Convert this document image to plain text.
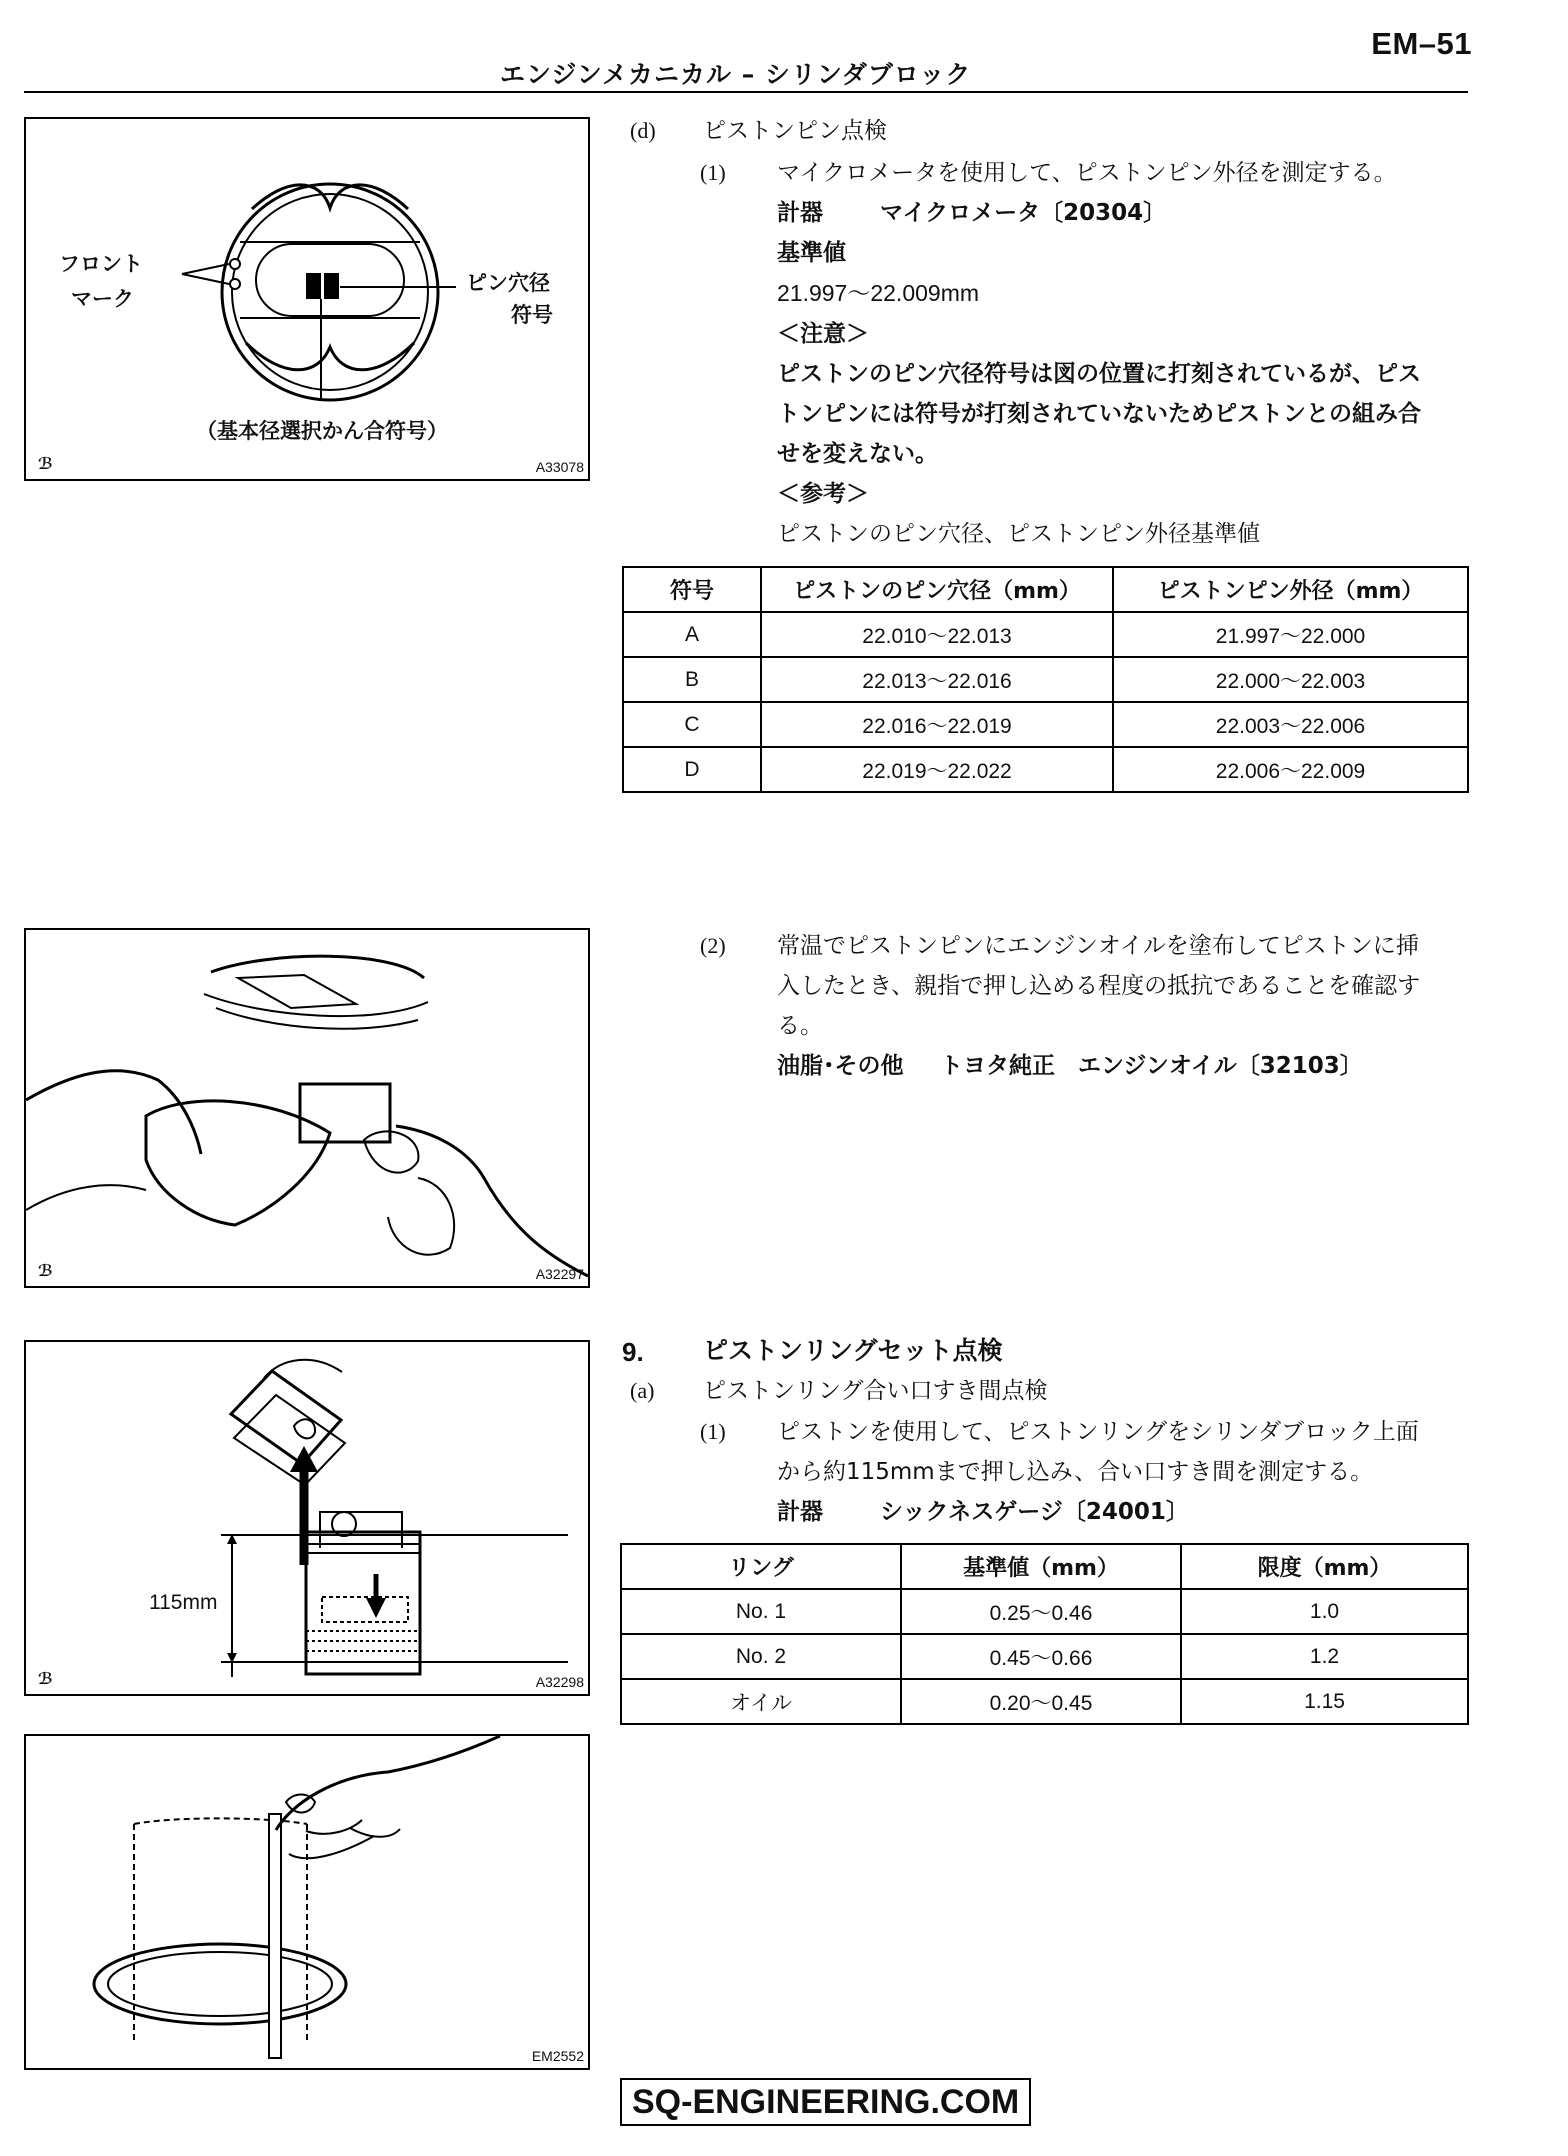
EM–51
エンジンメカニカル – シリンダブロック
フロント
マーク
ピン穴径
符号
（基本径選択かん合符号）
ℬ	A33078
ℬ	A32297
115mm
ℬ	A32298
EM2552
(d) ピストンピン点検
(1) マイクロメータを使用して、ピストンピン外径を測定する。
計器 マイクロメータ〔20304〕
基準値
21.997～22.009mm
＜注意＞
ピストンのピン穴径符号は図の位置に打刻されているが、ピス
トンピンには符号が打刻されていないためピストンとの組み合
せを変えない。
＜参考＞
ピストンのピン穴径、ピストンピン外径基準値
符号	ピストンのピン穴径（mm）	ピストンピン外径（mm）
A	22.010～22.013	21.997～22.000
B	22.013～22.016	22.000～22.003
C	22.016～22.019	22.003～22.006
D	22.019～22.022	22.006～22.009
(2) 常温でピストンピンにエンジンオイルを塗布してピストンに挿
入したとき、親指で押し込める程度の抵抗であることを確認す
る。
油脂･その他 トヨタ純正　エンジンオイル〔32103〕
9. ピストンリングセット点検
(a) ピストンリング合い口すき間点検
(1) ピストンを使用して、ピストンリングをシリンダブロック上面
から約115mmまで押し込み、合い口すき間を測定する。
計器 シックネスゲージ〔24001〕
リング	基準値（mm）	限度（mm）
No. 1	0.25～0.46	1.0
No. 2	0.45～0.66	1.2
オイル	0.20～0.45	1.15
SQ-ENGINEERING.COM
